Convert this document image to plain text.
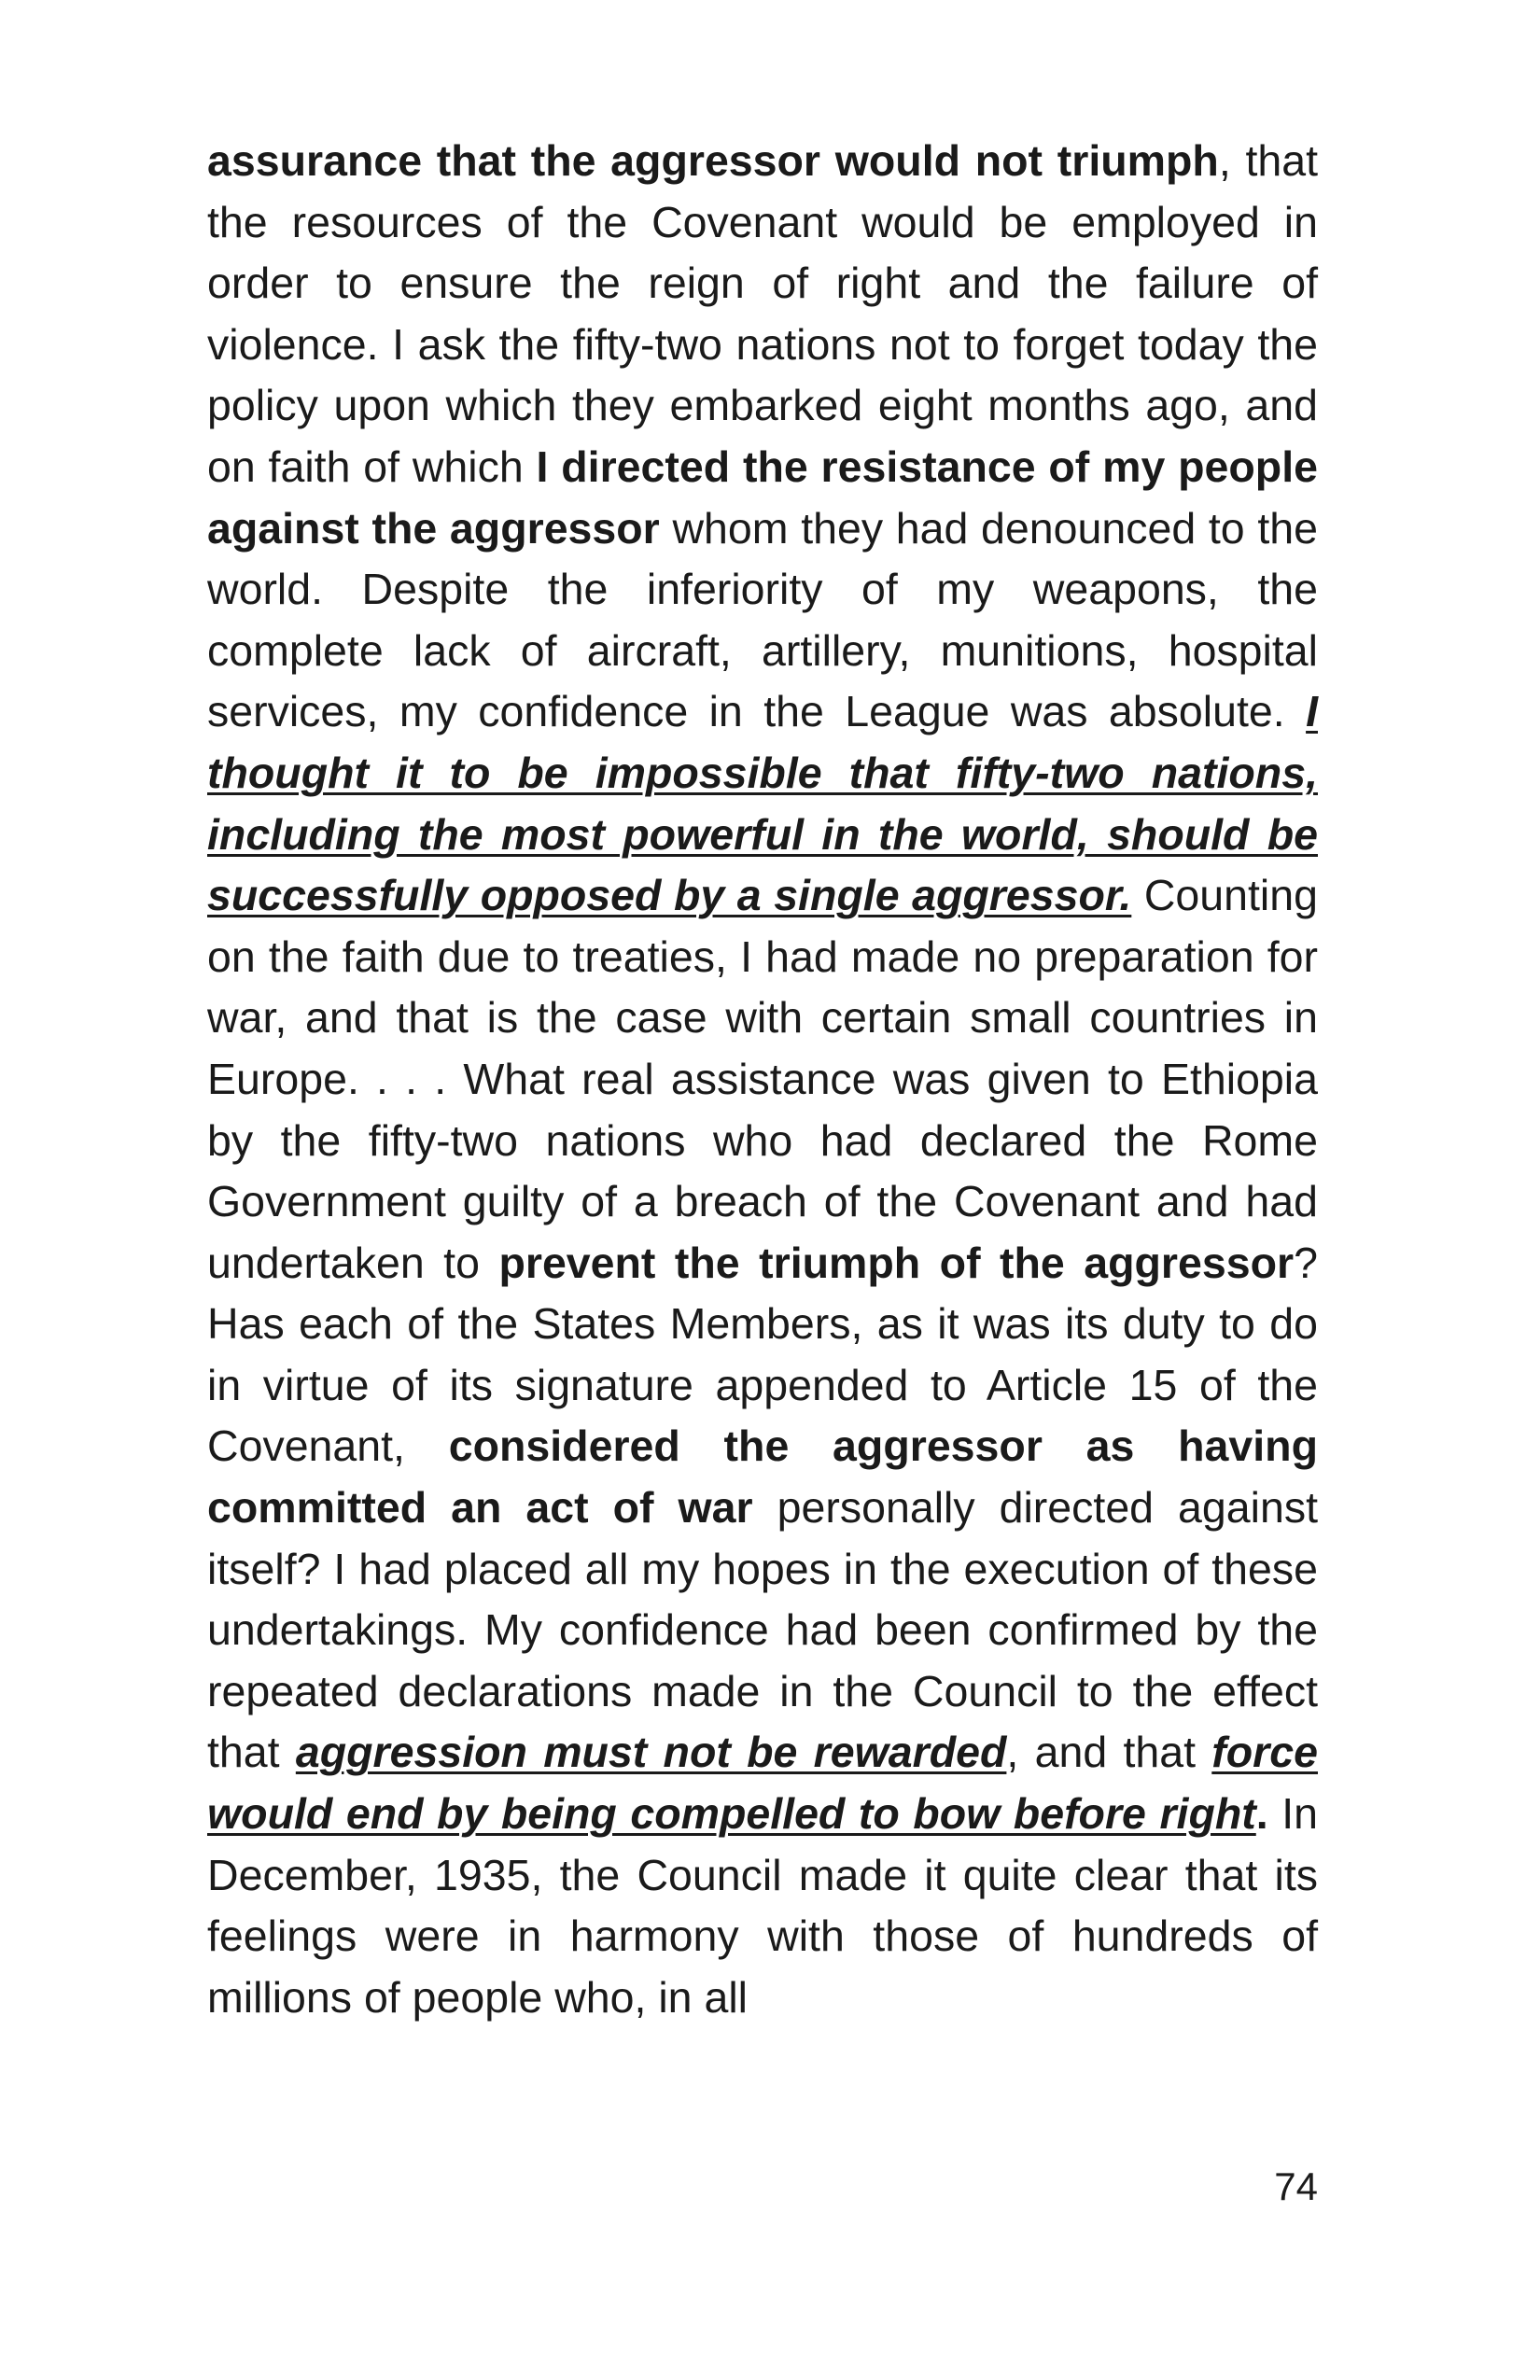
assurance that the aggressor would not triumph, that the resources of the Covenant would be employed in order to ensure the reign of right and the failure of violence. I ask the fifty-two nations not to forget today the policy upon which they embarked eight months ago, and on faith of which I directed the resistance of my people against the aggressor whom they had denounced to the world. Despite the inferiority of my weapons, the complete lack of aircraft, artillery, munitions, hospital services, my confidence in the League was absolute. I thought it to be impossible that fifty-two nations, including the most powerful in the world, should be successfully opposed by a single aggressor. Counting on the faith due to treaties, I had made no preparation for war, and that is the case with certain small countries in Europe. . . . What real assistance was given to Ethiopia by the fifty-two nations who had declared the Rome Government guilty of a breach of the Covenant and had undertaken to prevent the triumph of the aggressor? Has each of the States Members, as it was its duty to do in virtue of its signature appended to Article 15 of the Covenant, considered the aggressor as having committed an act of war personally directed against itself? I had placed all my hopes in the execution of these undertakings. My confidence had been confirmed by the repeated declarations made in the Council to the effect that aggression must not be rewarded, and that force would end by being compelled to bow before right. In December, 1935, the Council made it quite clear that its feelings were in harmony with those of hundreds of millions of people who, in all

74
